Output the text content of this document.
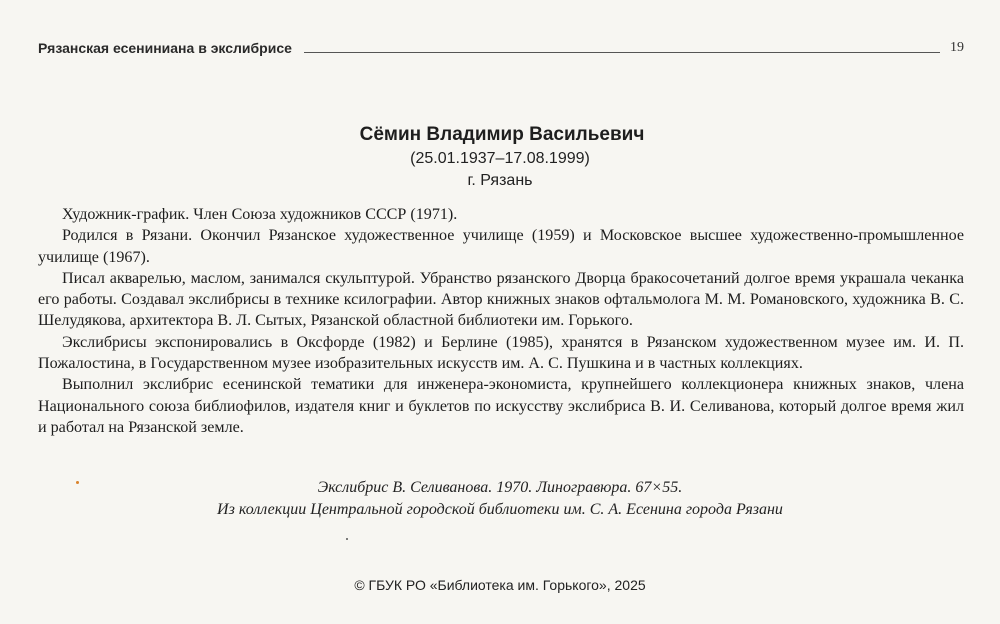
Рязанская есениниана в экслибрисе	19
Сёмин Владимир Васильевич
(25.01.1937–17.08.1999)
г. Рязань

Художник-график. Член Союза художников СССР (1971).

Родился в Рязани. Окончил Рязанское художественное училище (1959) и Московское высшее художественно-промышленное училище (1967).

Писал акварелью, маслом, занимался скульптурой. Убранство рязанского Дворца бракосочетаний долгое время украшала чеканка его работы. Создавал экслибрисы в технике ксилографии. Автор книжных знаков офтальмолога М. М. Романовского, художника В. С. Шелудякова, архитектора В. Л. Сытых, Рязанской областной библиотеки им. Горького.

Экслибрисы экспонировались в Оксфорде (1982) и Берлине (1985), хранятся в Рязанском художественном музее им. И. П. Пожалостина, в Государственном музее изобразительных искусств им. А. С. Пушкина и в частных коллекциях.

Выполнил экслибрис есенинской тематики для инженера-экономиста, крупнейшего коллекционера книжных знаков, члена Национального союза библиофилов, издателя книг и буклетов по искусству экслибриса В. И. Селиванова, который долгое время жил и работал на Рязанской земле.

Экслибрис В. Селиванова. 1970. Линогравюра. 67×55.
Из коллекции Центральной городской библиотеки им. С. А. Есенина города Рязани
© ГБУК РО «Библиотека им. Горького», 2025
